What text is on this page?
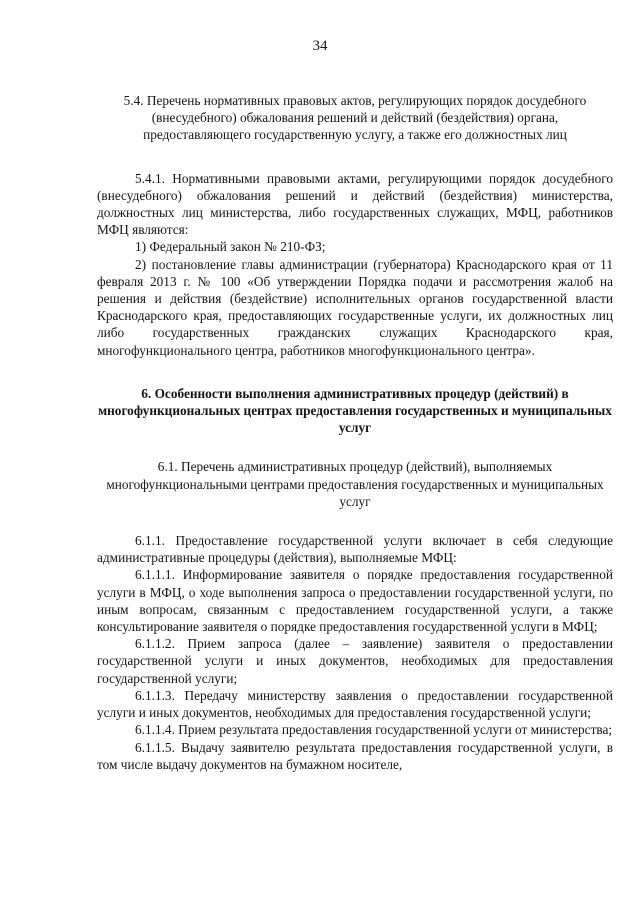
34

5.4. Перечень нормативных правовых актов, регулирующих порядок досудебного (внесудебного) обжалования решений и действий (бездействия) органа, предоставляющего государственную услугу, а также его должностных лиц

5.4.1. Нормативными правовыми актами, регулирующими порядок досудебного (внесудебного) обжалования решений и действий (бездействия) министерства, должностных лиц министерства, либо государственных служащих, МФЦ, работников МФЦ являются:

1) Федеральный закон № 210-ФЗ;

2) постановление главы администрации (губернатора) Краснодарского края от 11 февраля 2013 г. № 100 «Об утверждении Порядка подачи и рассмотрения жалоб на решения и действия (бездействие) исполнительных органов государственной власти Краснодарского края, предоставляющих государственные услуги, их должностных лиц либо государственных гражданских служащих Краснодарского края, многофункционального центра, работников многофункционального центра».

6. Особенности выполнения административных процедур (действий) в многофункциональных центрах предоставления государственных и муниципальных услуг

6.1. Перечень административных процедур (действий), выполняемых многофункциональными центрами предоставления государственных и муниципальных услуг

6.1.1. Предоставление государственной услуги включает в себя следующие административные процедуры (действия), выполняемые МФЦ:

6.1.1.1. Информирование заявителя о порядке предоставления государственной услуги в МФЦ, о ходе выполнения запроса о предоставлении государственной услуги, по иным вопросам, связанным с предоставлением государственной услуги, а также консультирование заявителя о порядке предоставления государственной услуги в МФЦ;

6.1.1.2. Прием запроса (далее – заявление) заявителя о предоставлении государственной услуги и иных документов, необходимых для предоставления государственной услуги;

6.1.1.3. Передачу министерству заявления о предоставлении государственной услуги и иных документов, необходимых для предоставления государственной услуги;

6.1.1.4. Прием результата предоставления государственной услуги от министерства;

6.1.1.5. Выдачу заявителю результата предоставления государственной услуги, в том числе выдачу документов на бумажном носителе,
